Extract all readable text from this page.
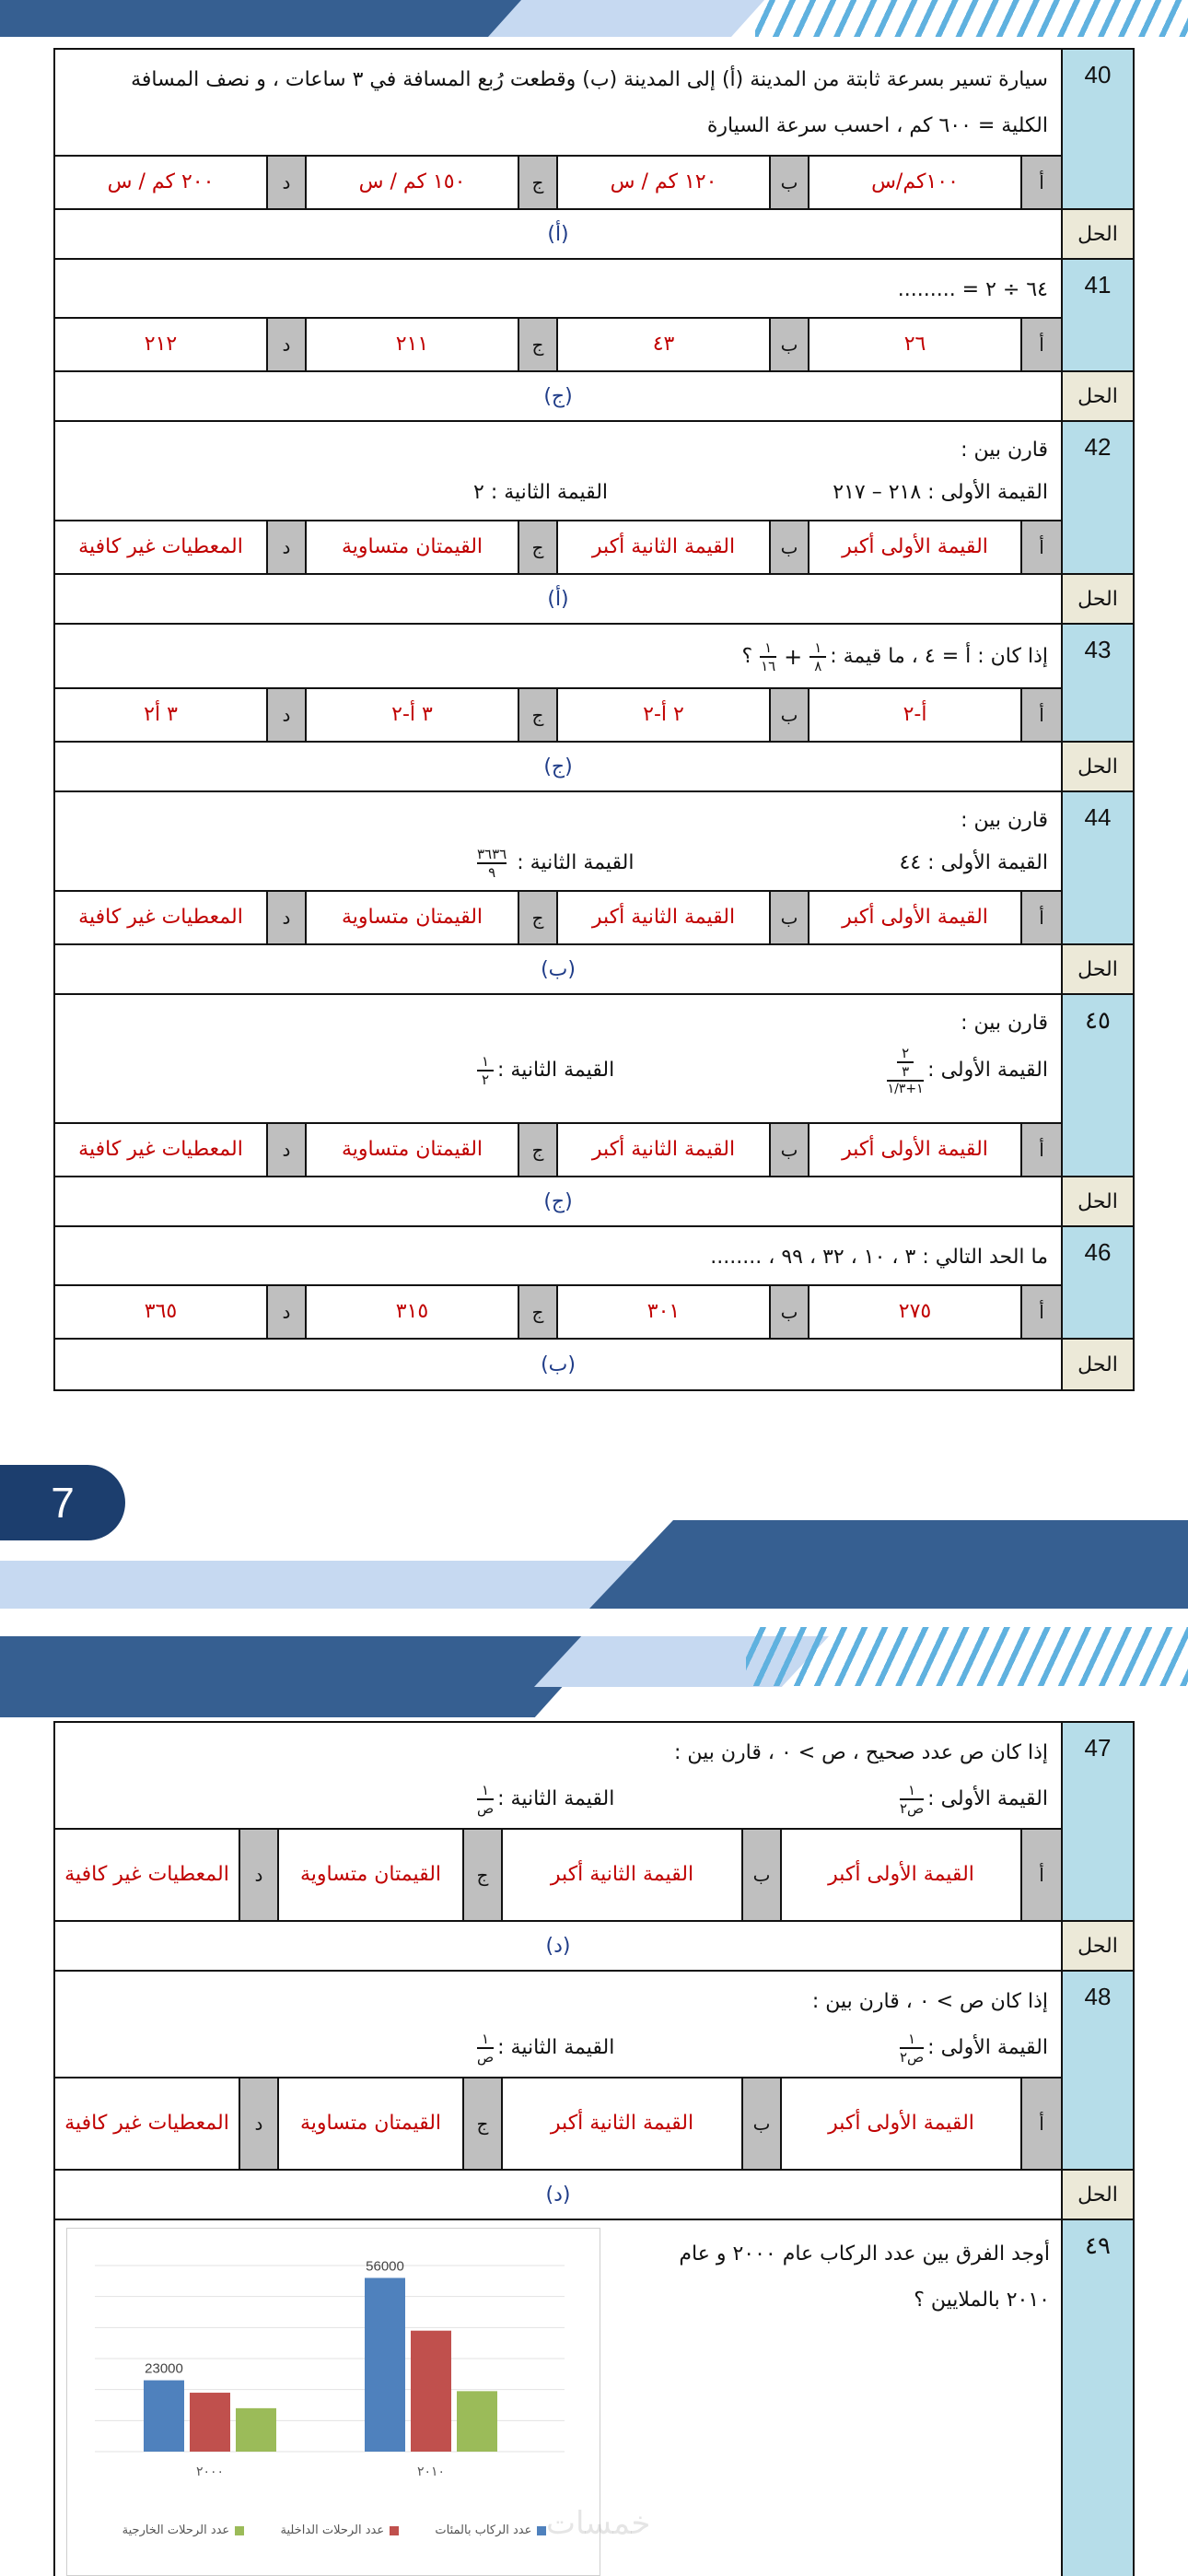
7
40
سيارة تسير بسرعة ثابتة من المدينة (أ) إلى المدينة (ب) وقطعت رُبع المسافة في ٣ ساعات ، و نصف المسافة
الكلية = ٦٠٠ كم ، احسب سرعة السيارة
أ
١٠٠كم/س
ب
١٢٠ كم / س
ج
١٥٠ كم / س
د
٢٠٠ كم / س
الحل
(أ)
41
٦٤ ÷ ٢ = .........
أ
٢٦
ب
٤٣
ج
٢١١
د
٢١٢
الحل
(ج)
42
قارن بين :
القيمة الأولى : ٢١٨ – ٢١٧
القيمة الثانية : ٢
أ
القيمة الأولى أكبر
ب
القيمة الثانية أكبر
ج
القيمتان متساوية
د
المعطيات غير كافية
الحل
(أ)
43
إذا كان : أ = ٤ ، ما قيمة :
$\frac{١}{٨}$
+
$\frac{١}{١٦}$
؟
أ
أ-٢
ب
٢ أ-٢
ج
٣ أ-٢
د
٣ أ٢
الحل
(ج)
44
قارن بين :
القيمة الأولى : ٤٤
القيمة الثانية :
$\frac{٣٦٣٦}{٩}$
أ
القيمة الأولى أكبر
ب
القيمة الثانية أكبر
ج
القيمتان متساوية
د
المعطيات غير كافية
الحل
(ب)
٤٥
قارن بين :
القيمة الأولى :
$\frac{\frac{٢}{٣}}{١+١/٣}$
القيمة الثانية :
$\frac{١}{٢}$
أ
القيمة الأولى أكبر
ب
القيمة الثانية أكبر
ج
القيمتان متساوية
د
المعطيات غير كافية
الحل
(ج)
46
ما الحد التالي : ٣ ، ١٠ ، ٣٢ ، ٩٩ ، ........
أ
٢٧٥
ب
٣٠١
ج
٣١٥
د
٣٦٥
الحل
(ب)
47
إذا كان ص عدد صحيح ، ص > ٠ ، قارن بين :
القيمة الأولى :
$\frac{١}{\text{ص٢}}$
القيمة الثانية :
$\frac{١}{\text{ص}}$
أ
القيمة الأولى أكبر
ب
القيمة الثانية أكبر
ج
القيمتان متساوية
د
المعطيات غير كافية
الحل
(د)
48
إذا كان ص > ٠ ، قارن بين :
القيمة الأولى :
$\frac{١}{\text{ص٢}}$
القيمة الثانية :
$\frac{١}{\text{ص}}$
أ
القيمة الأولى أكبر
ب
القيمة الثانية أكبر
ج
القيمتان متساوية
د
المعطيات غير كافية
الحل
(د)
٤٩
أوجد الفرق بين عدد الركاب عام ٢٠٠٠ و عام
٢٠١٠ بالملايين ؟
23000
٢٠٠٠
56000
٢٠١٠
عدد الركاب بالمئات
عدد الرحلات الداخلية
عدد الرحلات الخارجية	خمسات
